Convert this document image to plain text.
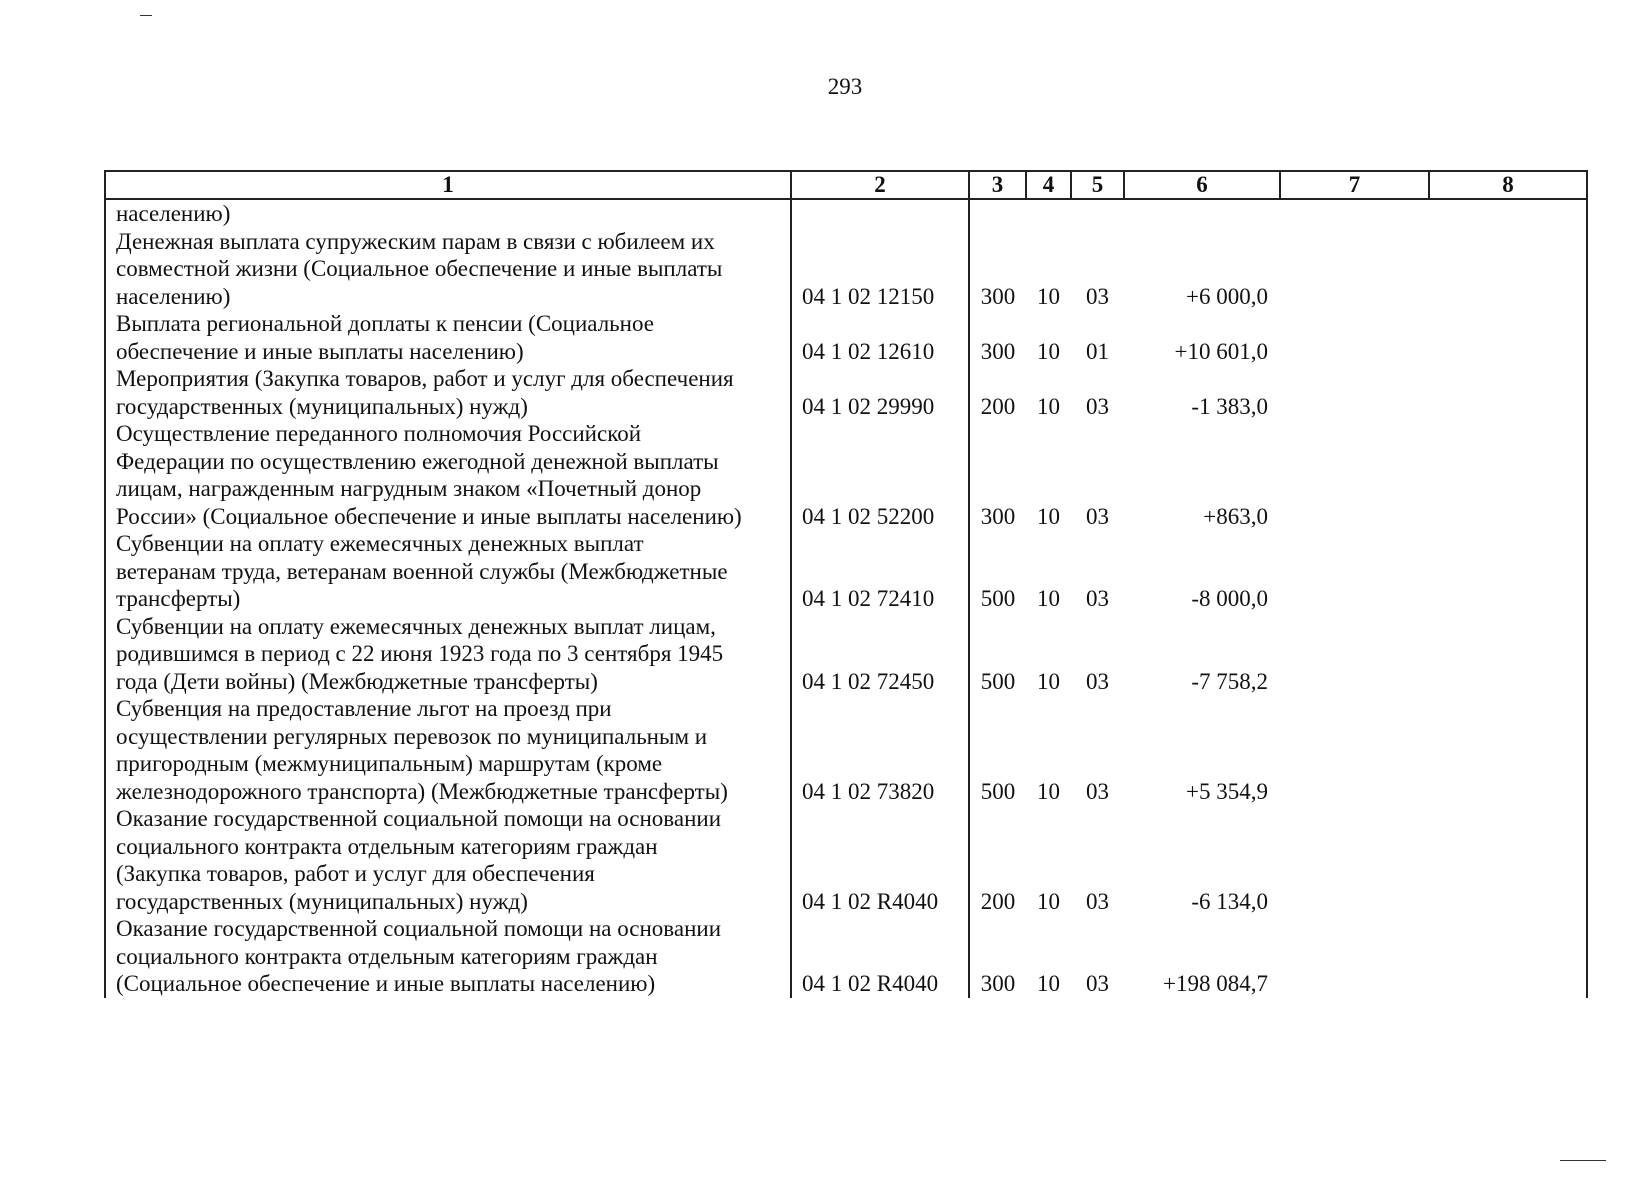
293
1	2	3	4	5	6	7	8
населению)							
Денежная выплата супружеским парам в связи с юбилеем их
совместной жизни (Социальное обеспечение и иные выплаты
населению)	04 1 02 12150	300	10	03	+6 000,0		
Выплата региональной доплаты к пенсии (Социальное
обеспечение и иные выплаты населению)	04 1 02 12610	300	10	01	+10 601,0		
Мероприятия (Закупка товаров, работ и услуг для обеспечения
государственных (муниципальных) нужд)	04 1 02 29990	200	10	03	-1 383,0		
Осуществление переданного полномочия Российской
Федерации по осуществлению ежегодной денежной выплаты
лицам, награжденным нагрудным знаком «Почетный донор
России» (Социальное обеспечение и иные выплаты населению)	04 1 02 52200	300	10	03	+863,0		
Субвенции на оплату ежемесячных денежных выплат
ветеранам труда, ветеранам военной службы (Межбюджетные
трансферты)	04 1 02 72410	500	10	03	-8 000,0		
Субвенции на оплату ежемесячных денежных выплат лицам,
родившимся в период с 22 июня 1923 года по 3 сентября 1945
года (Дети войны) (Межбюджетные трансферты)	04 1 02 72450	500	10	03	-7 758,2		
Субвенция на предоставление льгот на проезд при
осуществлении регулярных перевозок по муниципальным и
пригородным (межмуниципальным) маршрутам (кроме
железнодорожного транспорта) (Межбюджетные трансферты)	04 1 02 73820	500	10	03	+5 354,9		
Оказание государственной социальной помощи на основании
социального контракта отдельным категориям граждан
(Закупка товаров, работ и услуг для обеспечения
государственных (муниципальных) нужд)	04 1 02 R4040	200	10	03	-6 134,0		
Оказание государственной социальной помощи на основании
социального контракта отдельным категориям граждан
(Социальное обеспечение и иные выплаты населению)	04 1 02 R4040	300	10	03	+198 084,7		
